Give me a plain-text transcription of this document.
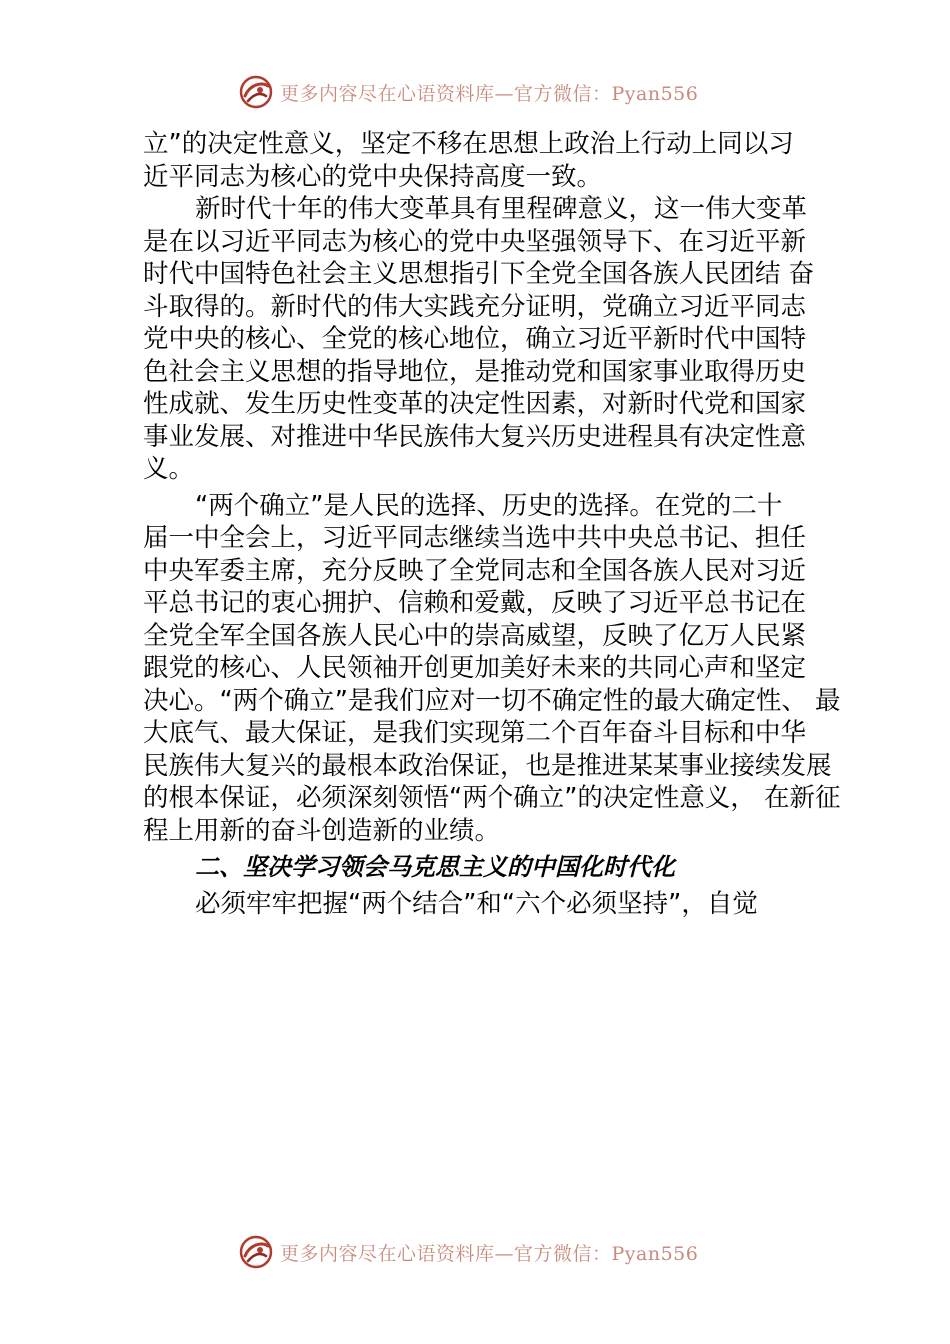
更多内容尽在心语资料库—官方微信：Pyan556
立”的决定性意义，坚定不移在思想上政治上行动上同以习
近平同志为核心的党中央保持高度一致。
新时代十年的伟大变革具有里程碑意义，这一伟大变革
是在以习近平同志为核心的党中央坚强领导下、在习近平新
时代中国特色社会主义思想指引下全党全国各族人民团结 奋
斗取得的。新时代的伟大实践充分证明，党确立习近平同志
党中央的核心、全党的核心地位，确立习近平新时代中国特
色社会主义思想的指导地位，是推动党和国家事业取得历史
性成就、发生历史性变革的决定性因素，对新时代党和国家
事业发展、对推进中华民族伟大复兴历史进程具有决定性意
义。
“两个确立”是人民的选择、历史的选择。在党的二十
届一中全会上，习近平同志继续当选中共中央总书记、担任
中央军委主席，充分反映了全党同志和全国各族人民对习近
平总书记的衷心拥护、信赖和爱戴，反映了习近平总书记在
全党全军全国各族人民心中的崇高威望，反映了亿万人民紧
跟党的核心、人民领袖开创更加美好未来的共同心声和坚定
决心。“两个确立”是我们应对一切不确定性的最大确定性、 最
大底气、最大保证，是我们实现第二个百年奋斗目标和中华
民族伟大复兴的最根本政治保证，也是推进某某事业接续发展
的根本保证，必须深刻领悟“两个确立”的决定性意义， 在新征
程上用新的奋斗创造新的业绩。
二、坚决学习领会马克思主义的中国化时代化
必须牢牢把握“两个结合”和“六个必须坚持”，自觉
更多内容尽在心语资料库—官方微信：Pyan556
